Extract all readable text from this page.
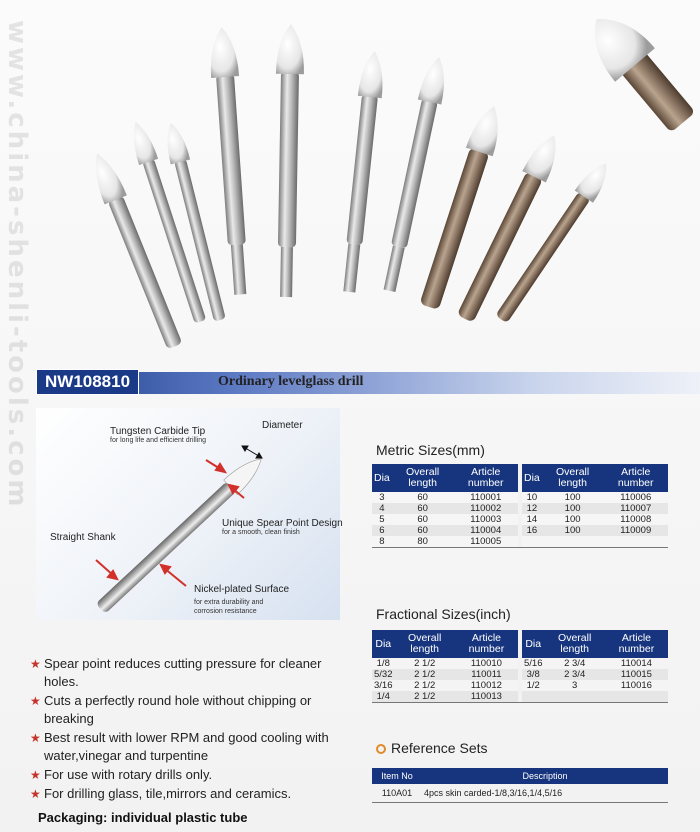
www.china-shenli-tools.com NW108810	Ordinary levelglass drill
Tungsten Carbide Tip
for long life and efficient drilling
Diameter
Unique Spear Point Design
for a smooth, clean finish
Straight Shank
Nickel-plated Surface
for extra durability and
corrosion resistance
★ Spear point reduces cutting pressure for cleaner holes.
★ Cuts a perfectly round hole without chipping or breaking
★ Best result with lower RPM and good cooling with water,vinegar and turpentine
★ For use with rotary drills only.
★ For drilling glass, tile,mirrors and ceramics.
Packaging: individual plastic tube
Metric Sizes(mm)
Dia	Overall length	Article number		Dia	Overall length	Article number
3	60	110001		10	100	110006
4	60	110002		12	100	110007
5	60	110003		14	100	110008
6	60	110004		16	100	110009
8	80	110005				
Fractional Sizes(inch)
Dia	Overall length	Article number		Dia	Overall length	Article number
1/8	2 1/2	110010		5/16	2 3/4	110014
5/32	2 1/2	110011		3/8	2 3/4	110015
3/16	2 1/2	110012		1/2	3	110016
1/4	2 1/2	110013				
Reference Sets
Item No	Description
110A01	4pcs skin carded-1/8,3/16,1/4,5/16
